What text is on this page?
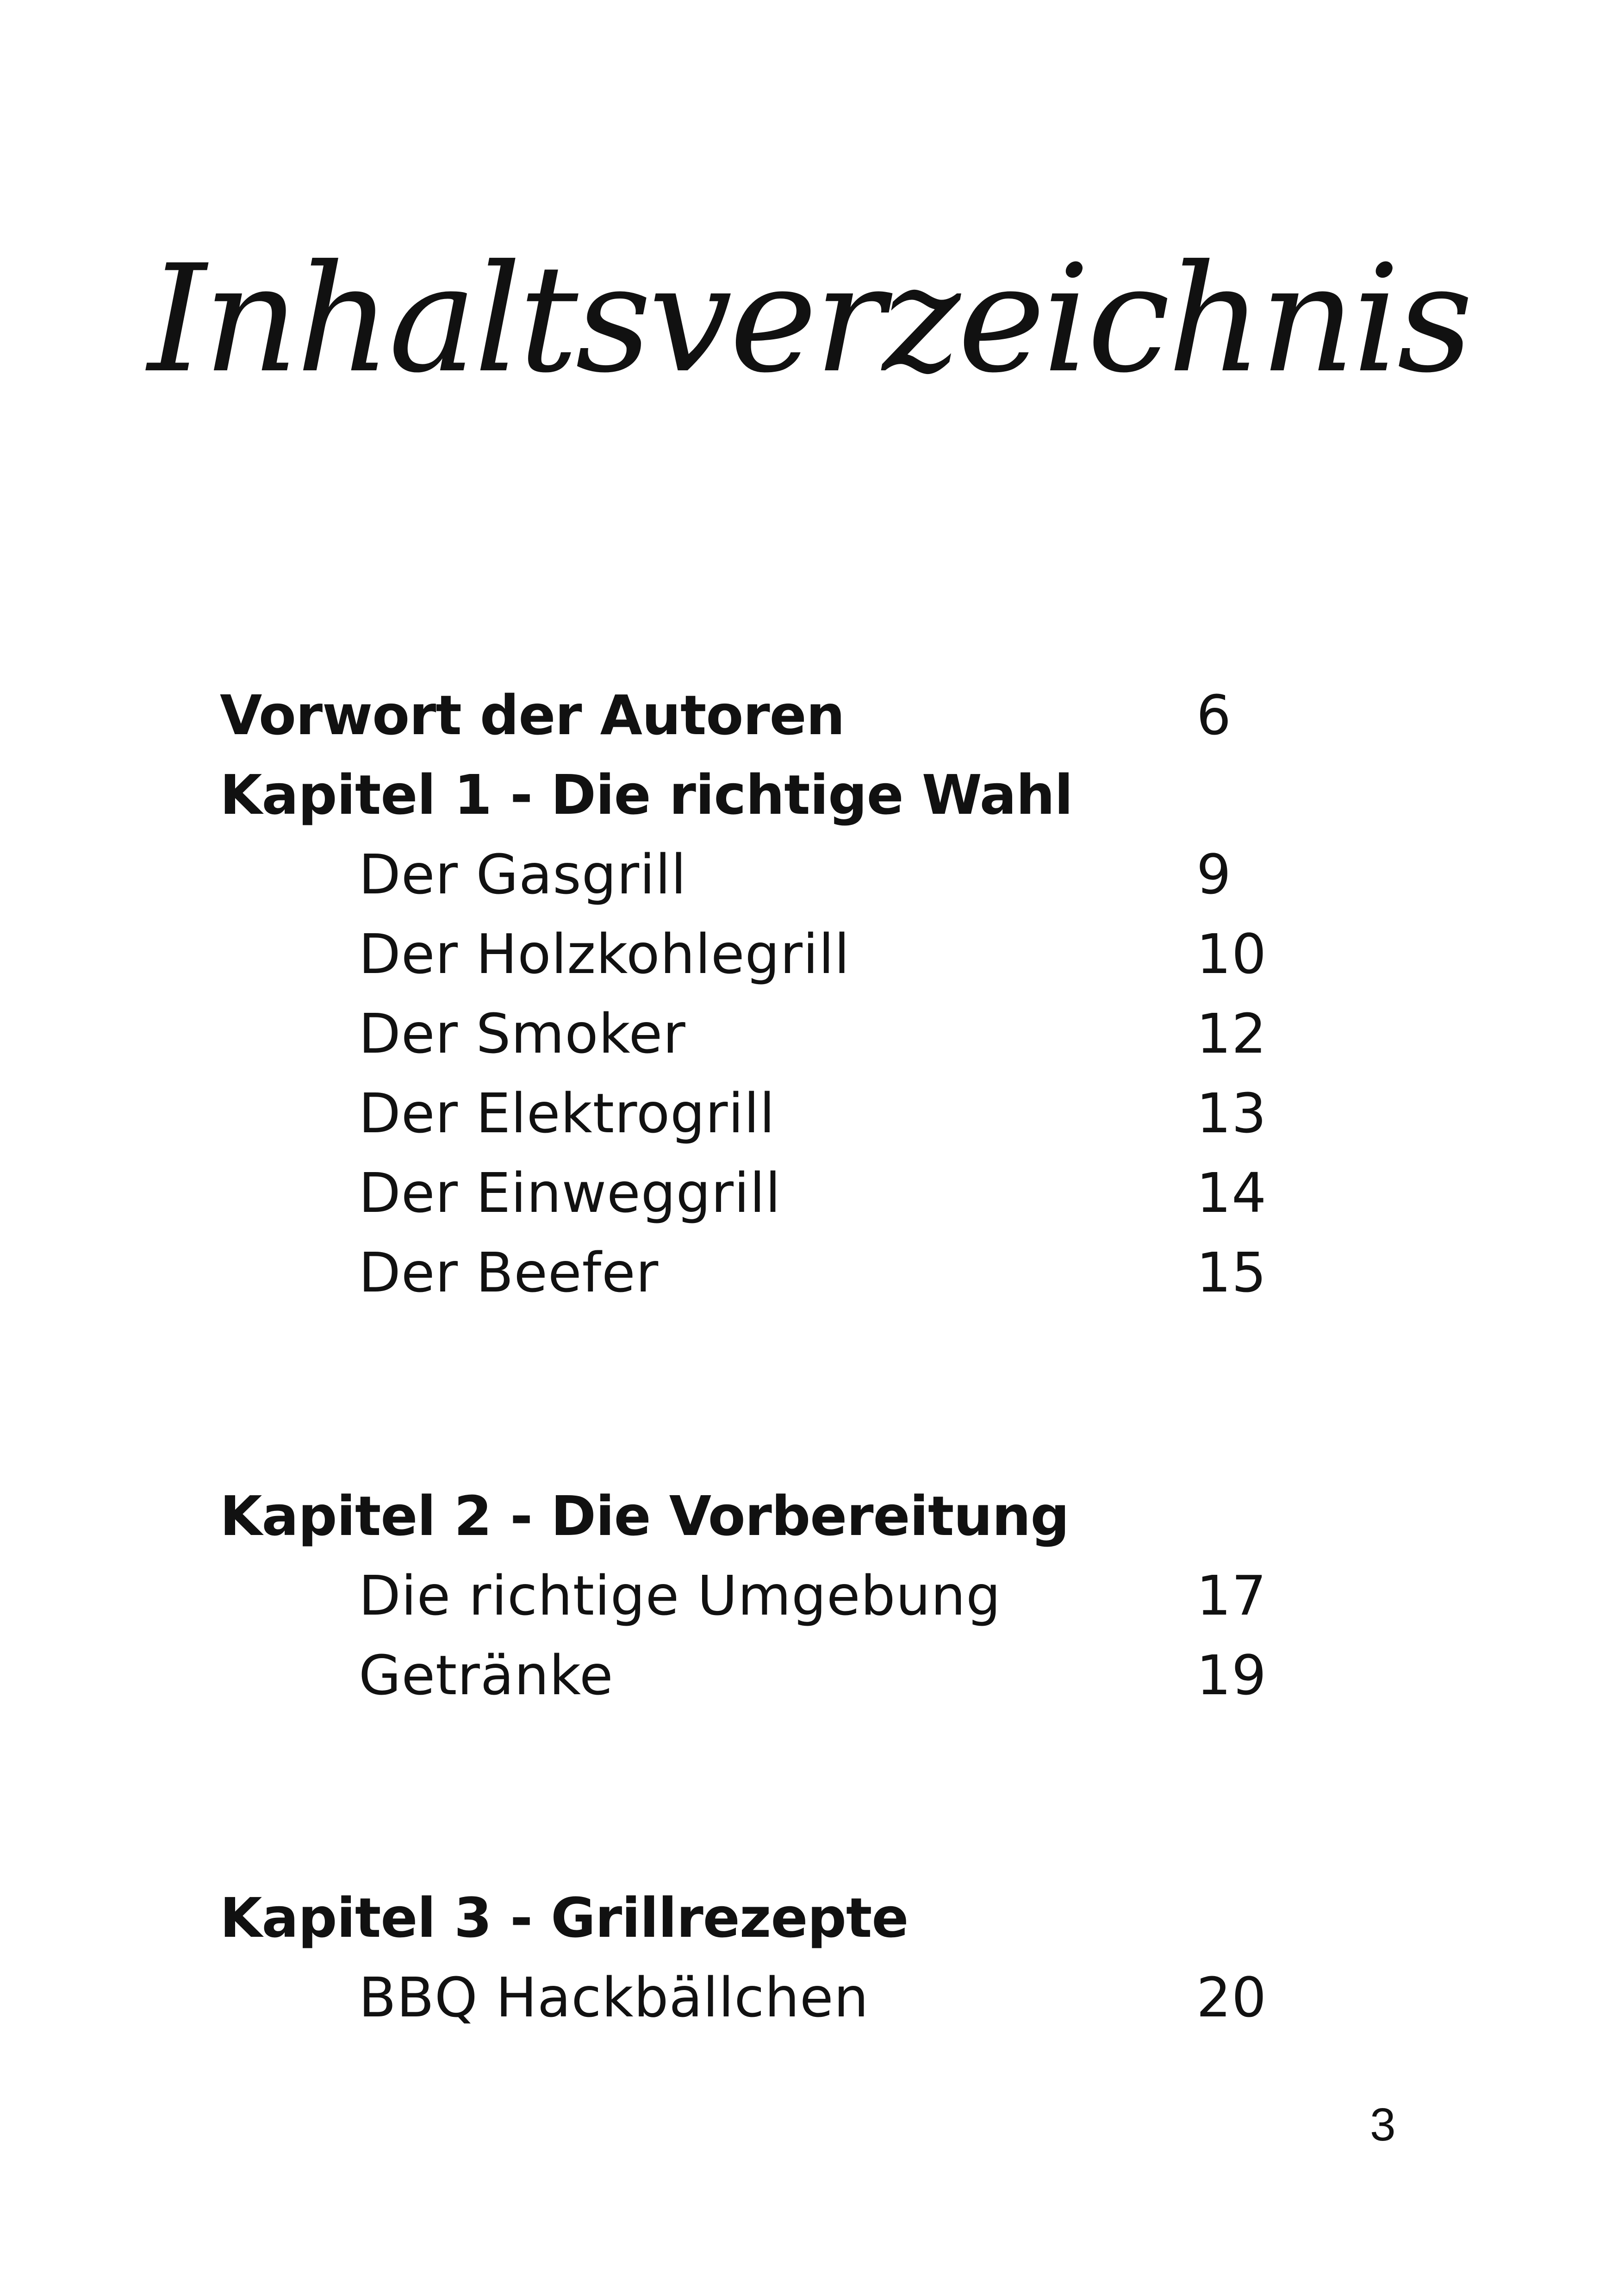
Inhaltsverzeichnis
Vorwort der Autoren	6
Kapitel 1 - Die richtige Wahl
Der Gasgrill	9
Der Holzkohlegrill	10
Der Smoker	12
Der Elektrogrill	13
Der Einweggrill	14
Der Beefer	15
Kapitel 2 - Die Vorbereitung
Die richtige Umgebung	17
Getränke	19
Kapitel 3 - Grillrezepte
BBQ Hackbällchen	20
3
